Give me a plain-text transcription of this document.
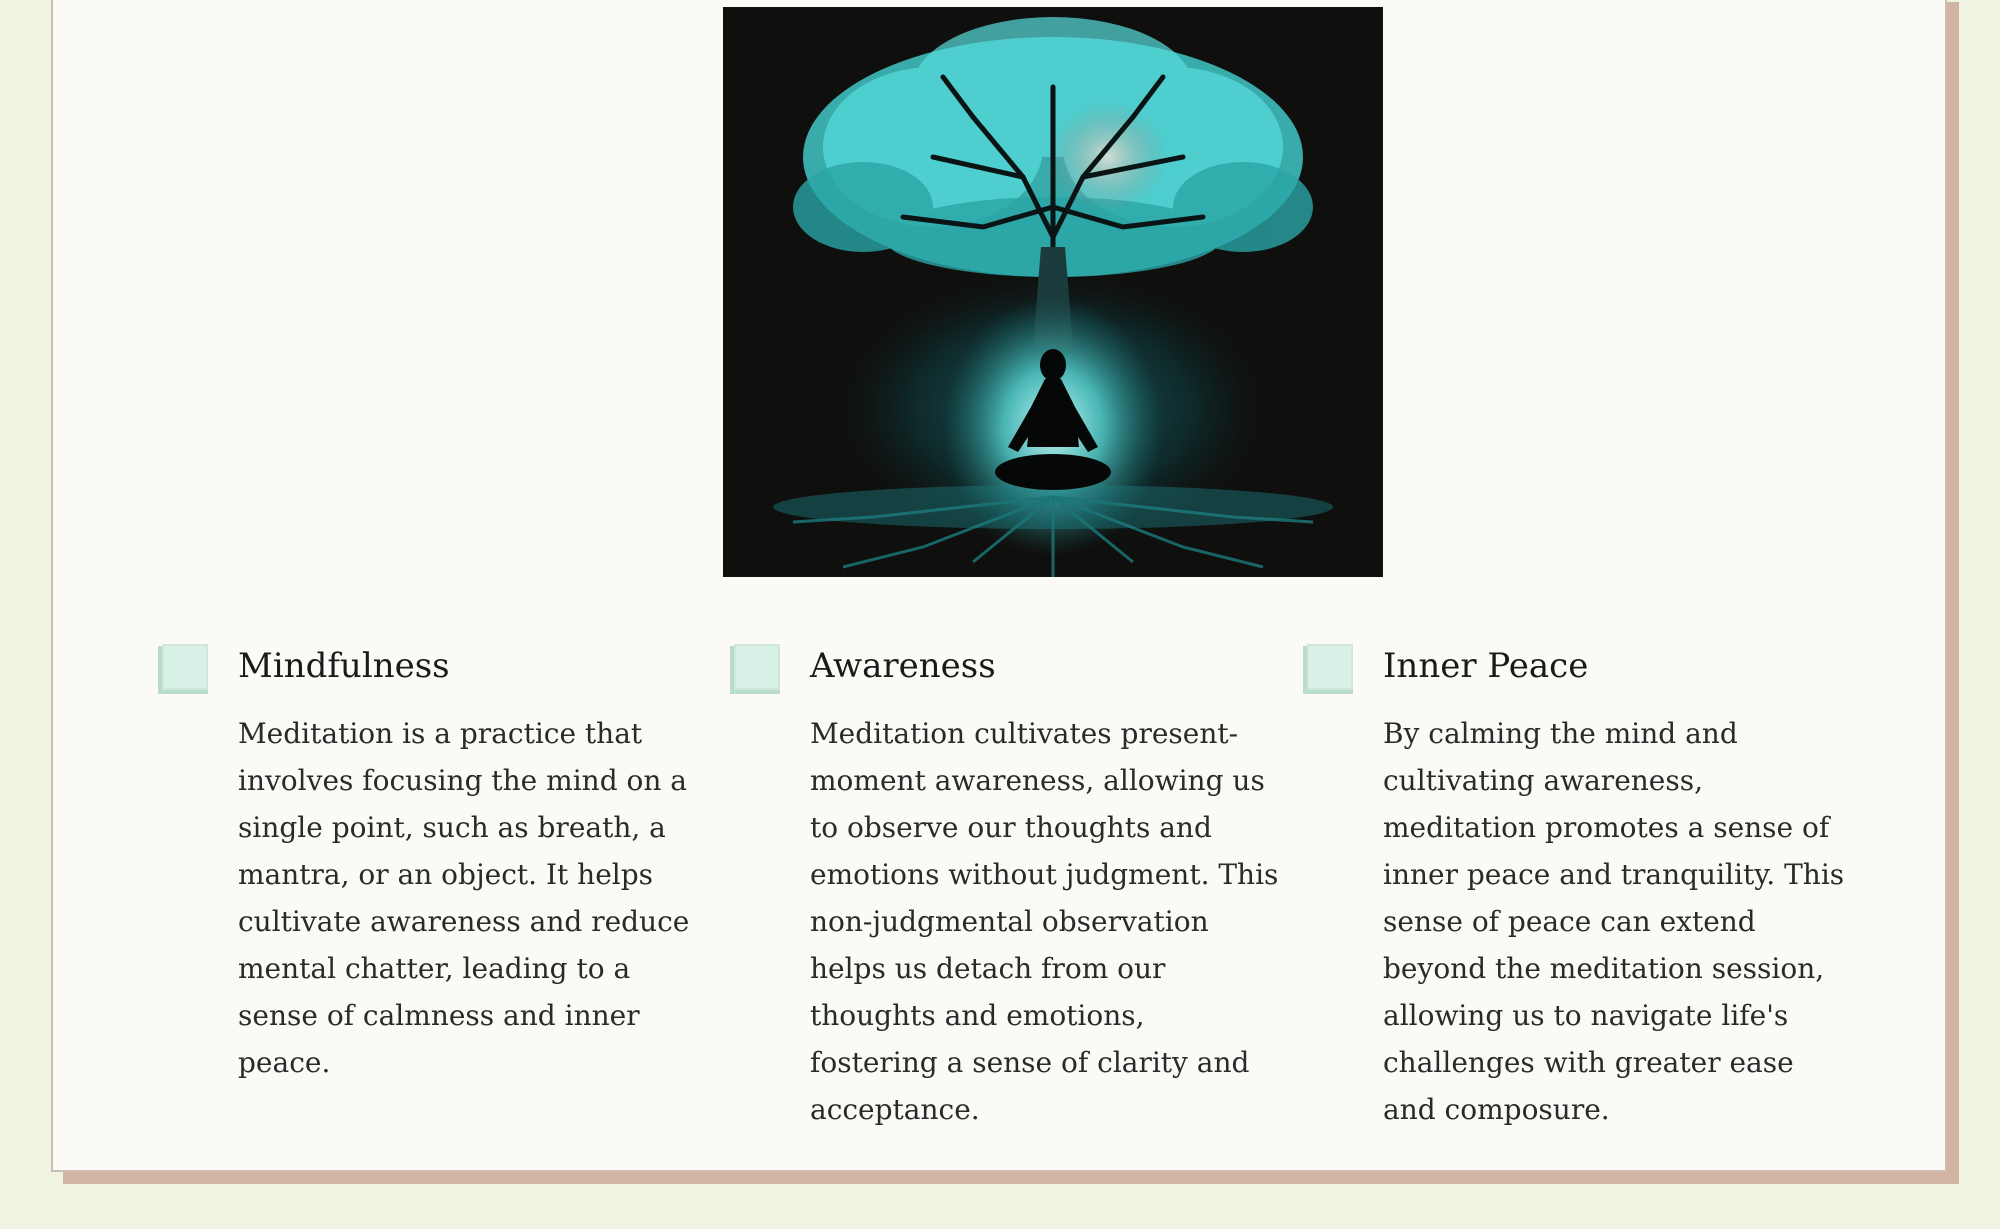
Mindfulness

Meditation is a practice that involves focusing the mind on a single point, such as breath, a mantra, or an object. It helps cultivate awareness and reduce mental chatter, leading to a sense of calmness and inner peace.

Awareness

Meditation cultivates present-moment awareness, allowing us to observe our thoughts and emotions without judgment. This non-judgmental observation helps us detach from our thoughts and emotions, fostering a sense of clarity and acceptance.

Inner Peace

By calming the mind and cultivating awareness, meditation promotes a sense of inner peace and tranquility. This sense of peace can extend beyond the meditation session, allowing us to navigate life's challenges with greater ease and composure.
